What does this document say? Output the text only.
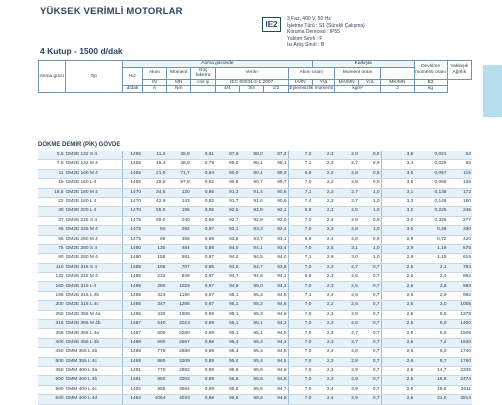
YÜKSEK VERİMLİ MOTORLAR
IE2
3 Faz, 400 V, 50 Hz
İşletme Türü : S1 (Sürekli Çalışma)
Koruma Derecesi : IP55
Yalıtım Sınıfı : F
Isı Artış Sınıfı : B
4 Kutup - 1500 d/dak
Anma gücü	Tip	Anma gücünde								Kalkışta				Devrilme momenti oranı	Yaklaşık Ağırlık
		Hız	Akım	Moment	Güç faktörü	Verim			Akım oranı		Moment oranı				
			IN	MN	cos φ	IEC 60034-2-1:2007			IA/IN	Y/Δ	MA/MN	Y/Δ	MK/MN	B3	
		d/dak	A	Nm		4/4	3/4	1/2	Eylemsizlik momenti		kgm²		J	kg	
DÖKME DEMİR (PİK) GÖVDE
5,5	GM2E 132 S 4	1465	11,2	35,9	0,81	87,9	88,0	87,2	7,0	2,3	2,8	0,9	3,5	0,021	53
7,5	GM2E 132 M 4	1465	15,4	48,9	0,79	89,0	89,1	88,1	7,1	2,3	2,7	0,9	3,4	0,025	65
11	GM2E 160 M 4	1465	21,0	71,7	0,84	90,0	90,1	89,3	6,9	2,2	2,8	0,9	3,5	0,057	115
15	GM2E 160 L 4	1465	28,8	97,8	0,82	90,8	90,7	89,7	7,0	2,2	2,8	0,9	3,5	0,066	135
18,5	GM2E 180 M 4	1470	34,6	120	0,85	91,3	91,4	90,6	7,1	2,3	2,7	1,0	3,1	0,138	172
22	GM2E 180 L 4	1470	42,6	143	0,82	91,7	91,6	90,6	7,4	2,3	2,7	1,0	3,3	0,146	180
30	GM2E 200 L 4	1470	55,0	195	0,85	92,5	92,8	92,1	6,9	2,3	2,6	1,0	3,2	0,225	245
37	GM2E 225 S 4	1475	68,0	240	0,86	92,7	92,8	92,0	7,0	2,4	2,8	0,9	3,0	0,326	277
45	GM2E 225 M 4	1475	80	292	0,87	93,1	93,3	92,4	7,0	2,3	2,8	1,0	3,0	0,36	330
55	GM2E 250 M 4	1475	96	356	0,88	93,5	93,7	93,1	6,9	2,4	2,8	0,9	2,9	0,72	420
75	GM2E 280 S 4	1480	130	484	0,88	94,0	94,1	93,4	7,0	2,5	3,1	1,0	2,9	1,19	575
90	GM2E 280 M 4	1480	158	581	0,87	94,2	94,5	94,0	7,1	2,6	3,0	1,0	2,8	1,15	615
110	GM2E 315 S 4	1485	195	707	0,86	94,5	94,7	93,8	7,0	2,3	2,7	0,7	2,6	2,1	784
132	GM2E 315 M 4	1485	232	849	0,87	94,7	94,8	94,1	6,9	2,3	2,6	0,7	2,6	2,4	882
160	GM2E 315 L 4	1485	280	1029	0,87	94,9	95,0	94,3	7,0	2,3	2,6	0,7	2,6	2,8	993
185	GM2E 315 L 4b	1485	323	1190	0,87	95,1	95,2	94,5	7,1	2,3	2,6	0,7	2,6	2,9	982
200	GM2E 315 L 4c	1485	347	1286	0,87	95,1	95,2	94,6	7,0	2,2	2,6	0,7	2,6	3,0	1005
250	GM2E 355 M 4a	1485	430	1608	0,88	95,1	95,3	94,8	7,0	2,3	2,8	0,7	2,6	5,5	1378
315	GM2E 355 M 4b	1487	540	2023	0,89	95,1	95,1	94,2	7,0	2,3	2,6	0,7	2,6	6,0	1400
355	GM2E 355 L 4a	1487	605	2280	0,89	95,1	95,1	94,5	7,0	2,3	2,7	0,7	2,6	6,5	1505
400	GM2E 355 L 4b	1488	690	2567	0,88	95,4	95,4	94,3	7,0	2,3	2,7	0,7	2,6	7,2	1630
450	GMM 355 L 4b	1488	775	2888	0,88	95,4	95,4	94,5	7,0	2,3	2,8	0,7	2,6	8,0	1740
500	GMM 355 L 4c	1488	860	3209	0,88	95,4	95,4	94,5	7,0	2,3	2,8	0,7	2,6	8,7	1760
450	GMM 400 L 4a	1491	770	2882	0,89	95,6	95,6	94,8	7,0	2,3	2,9	0,7	2,6	14,7	2335
500	GMM 400 L 4b	1491	860	3202	0,89	95,6	95,6	94,8	7,0	2,3	2,9	0,7	2,6	16,9	2474
560	GMM 400 L 4c	1492	955	3584	0,89	95,6	95,6	94,7	7,0	2,4	2,9	0,7	2,6	19,6	2611
630	GMM 400 L 4d	1492	1064	4033	0,89	95,6	95,6	94,8	7,0	2,4	2,9	0,7	2,6	21,0	2814
